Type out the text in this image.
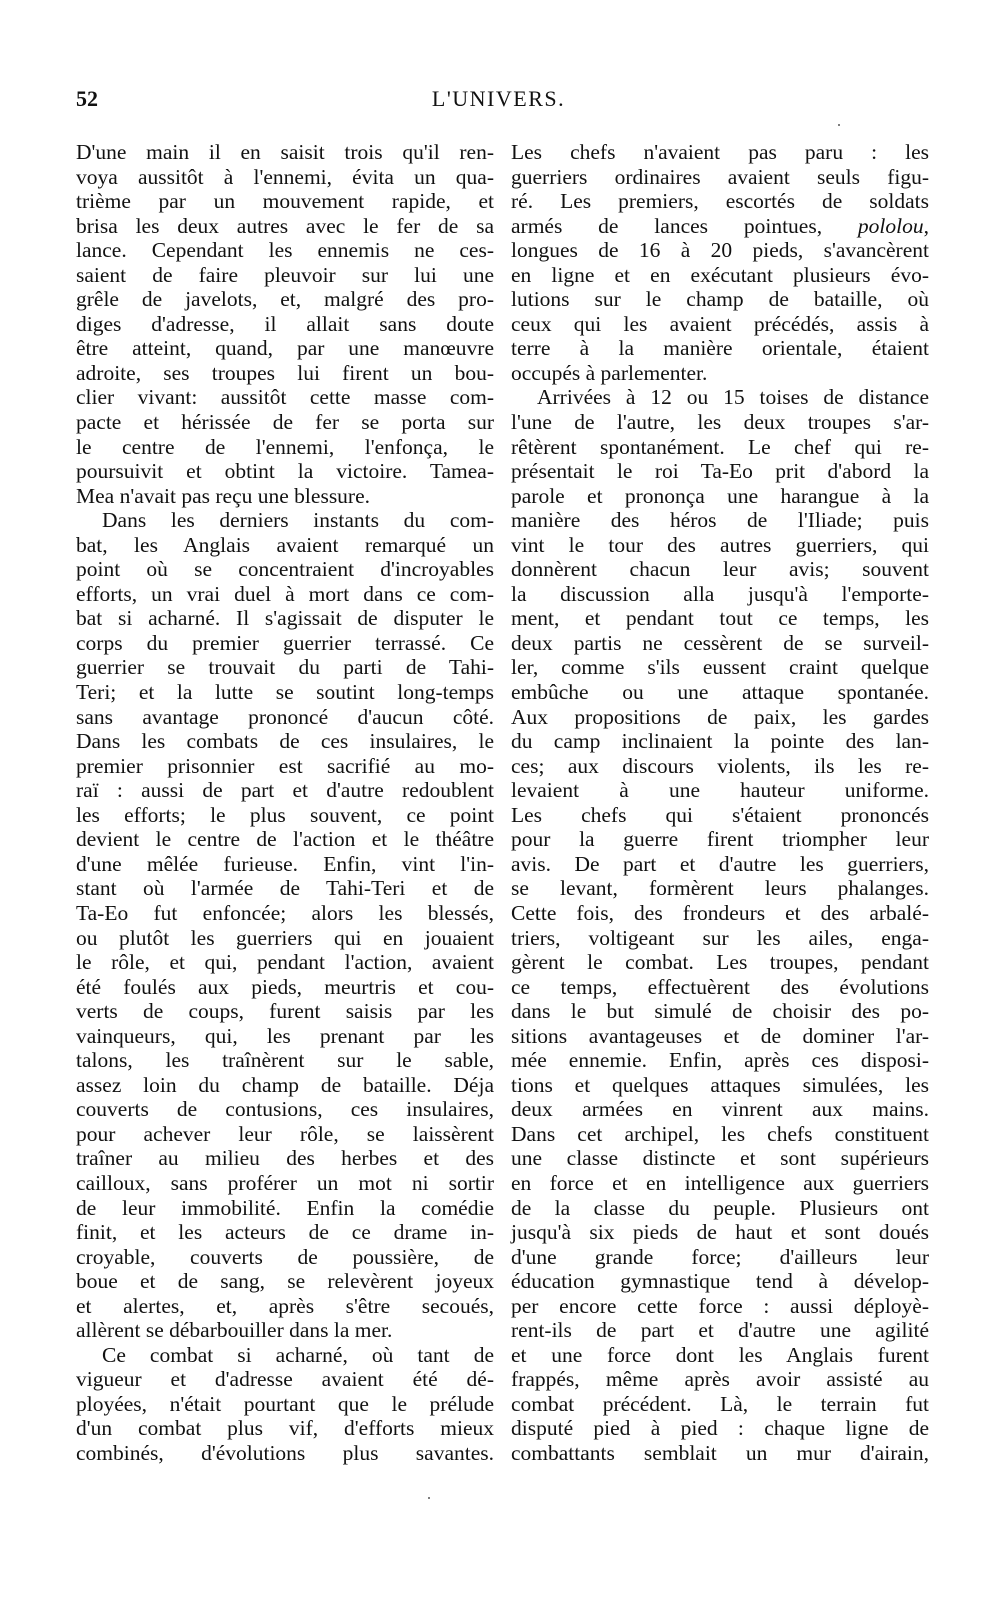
52	L'UNIVERS.
D'une main il en saisit trois qu'il ren-
voya aussitôt à l'ennemi, évita un qua-
trième par un mouvement rapide, et
brisa les deux autres avec le fer de sa
lance. Cependant les ennemis ne ces-
saient de faire pleuvoir sur lui une
grêle de javelots, et, malgré des pro-
diges d'adresse, il allait sans doute
être atteint, quand, par une manœuvre
adroite, ses troupes lui firent un bou-
clier vivant: aussitôt cette masse com-
pacte et hérissée de fer se porta sur
le centre de l'ennemi, l'enfonça, le
poursuivit et obtint la victoire. Tamea-
Mea n'avait pas reçu une blessure.
Dans les derniers instants du com-
bat, les Anglais avaient remarqué un
point où se concentraient d'incroyables
efforts, un vrai duel à mort dans ce com-
bat si acharné. Il s'agissait de disputer le
corps du premier guerrier terrassé. Ce
guerrier se trouvait du parti de Tahi-
Teri; et la lutte se soutint long-temps
sans avantage prononcé d'aucun côté.
Dans les combats de ces insulaires, le
premier prisonnier est sacrifié au mo-
raï : aussi de part et d'autre redoublent
les efforts; le plus souvent, ce point
devient le centre de l'action et le théâtre
d'une mêlée furieuse. Enfin, vint l'in-
stant où l'armée de Tahi-Teri et de
Ta-Eo fut enfoncée; alors les blessés,
ou plutôt les guerriers qui en jouaient
le rôle, et qui, pendant l'action, avaient
été foulés aux pieds, meurtris et cou-
verts de coups, furent saisis par les
vainqueurs, qui, les prenant par les
talons, les traînèrent sur le sable,
assez loin du champ de bataille. Déja
couverts de contusions, ces insulaires,
pour achever leur rôle, se laissèrent
traîner au milieu des herbes et des
cailloux, sans proférer un mot ni sortir
de leur immobilité. Enfin la comédie
finit, et les acteurs de ce drame in-
croyable, couverts de poussière, de
boue et de sang, se relevèrent joyeux
et alertes, et, après s'être secoués,
allèrent se débarbouiller dans la mer.
Ce combat si acharné, où tant de
vigueur et d'adresse avaient été dé-
ployées, n'était pourtant que le prélude
d'un combat plus vif, d'efforts mieux
combinés, d'évolutions plus savantes.
Les chefs n'avaient pas paru : les
guerriers ordinaires avaient seuls figu-
ré. Les premiers, escortés de soldats
armés de lances pointues, pololou,
longues de 16 à 20 pieds, s'avancèrent
en ligne et en exécutant plusieurs évo-
lutions sur le champ de bataille, où
ceux qui les avaient précédés, assis à
terre à la manière orientale, étaient
occupés à parlementer.
Arrivées à 12 ou 15 toises de distance
l'une de l'autre, les deux troupes s'ar-
rêtèrent spontanément. Le chef qui re-
présentait le roi Ta-Eo prit d'abord la
parole et prononça une harangue à la
manière des héros de l'Iliade; puis
vint le tour des autres guerriers, qui
donnèrent chacun leur avis; souvent
la discussion alla jusqu'à l'emporte-
ment, et pendant tout ce temps, les
deux partis ne cessèrent de se surveil-
ler, comme s'ils eussent craint quelque
embûche ou une attaque spontanée.
Aux propositions de paix, les gardes
du camp inclinaient la pointe des lan-
ces; aux discours violents, ils les re-
levaient à une hauteur uniforme.
Les chefs qui s'étaient prononcés
pour la guerre firent triompher leur
avis. De part et d'autre les guerriers,
se levant, formèrent leurs phalanges.
Cette fois, des frondeurs et des arbalé-
triers, voltigeant sur les ailes, enga-
gèrent le combat. Les troupes, pendant
ce temps, effectuèrent des évolutions
dans le but simulé de choisir des po-
sitions avantageuses et de dominer l'ar-
mée ennemie. Enfin, après ces disposi-
tions et quelques attaques simulées, les
deux armées en vinrent aux mains.
Dans cet archipel, les chefs constituent
une classe distincte et sont supérieurs
en force et en intelligence aux guerriers
de la classe du peuple. Plusieurs ont
jusqu'à six pieds de haut et sont doués
d'une grande force; d'ailleurs leur
éducation gymnastique tend à dévelop-
per encore cette force : aussi déployè-
rent-ils de part et d'autre une agilité
et une force dont les Anglais furent
frappés, même après avoir assisté au
combat précédent. Là, le terrain fut
disputé pied à pied : chaque ligne de
combattants semblait un mur d'airain,
